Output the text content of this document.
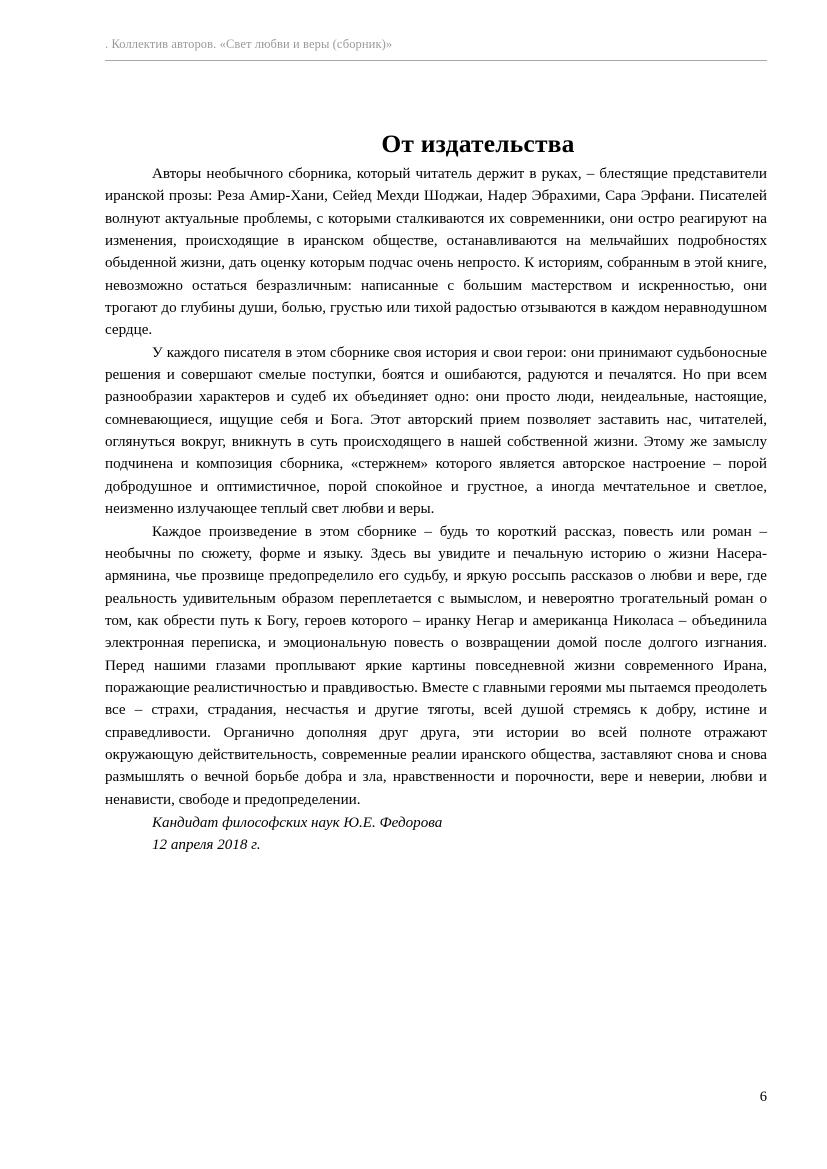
. Коллектив авторов. «Свет любви и веры (сборник)»
От издательства

Авторы необычного сборника, который читатель держит в руках, – блестящие представители иранской прозы: Реза Амир-Хани, Сейед Мехди Шоджаи, Надер Эбрахими, Сара Эрфани. Писателей волнуют актуальные проблемы, с которыми сталкиваются их современники, они остро реагируют на изменения, происходящие в иранском обществе, останавливаются на мельчайших подробностях обыденной жизни, дать оценку которым подчас очень непросто. К историям, собранным в этой книге, невозможно остаться безразличным: написанные с большим мастерством и искренностью, они трогают до глубины души, болью, грустью или тихой радостью отзываются в каждом неравнодушном сердце.

У каждого писателя в этом сборнике своя история и свои герои: они принимают судьбоносные решения и совершают смелые поступки, боятся и ошибаются, радуются и печалятся. Но при всем разнообразии характеров и судеб их объединяет одно: они просто люди, неидеальные, настоящие, сомневающиеся, ищущие себя и Бога. Этот авторский прием позволяет заставить нас, читателей, оглянуться вокруг, вникнуть в суть происходящего в нашей собственной жизни. Этому же замыслу подчинена и композиция сборника, «стержнем» которого является авторское настроение – порой добродушное и оптимистичное, порой спокойное и грустное, а иногда мечтательное и светлое, неизменно излучающее теплый свет любви и веры.

Каждое произведение в этом сборнике – будь то короткий рассказ, повесть или роман – необычны по сюжету, форме и языку. Здесь вы увидите и печальную историю о жизни Насера-армянина, чье прозвище предопределило его судьбу, и яркую россыпь рассказов о любви и вере, где реальность удивительным образом переплетается с вымыслом, и невероятно трогательный роман о том, как обрести путь к Богу, героев которого – иранку Негар и американца Николаса – объединила электронная переписка, и эмоциональную повесть о возвращении домой после долгого изгнания. Перед нашими глазами проплывают яркие картины повседневной жизни современного Ирана, поражающие реалистичностью и правдивостью. Вместе с главными героями мы пытаемся преодолеть все – страхи, страдания, несчастья и другие тяготы, всей душой стремясь к добру, истине и справедливости. Органично дополняя друг друга, эти истории во всей полноте отражают окружающую действительность, современные реалии иранского общества, заставляют снова и снова размышлять о вечной борьбе добра и зла, нравственности и порочности, вере и неверии, любви и ненависти, свободе и предопределении.

Кандидат философских наук Ю.Е. Федорова
12 апреля 2018 г.
6
